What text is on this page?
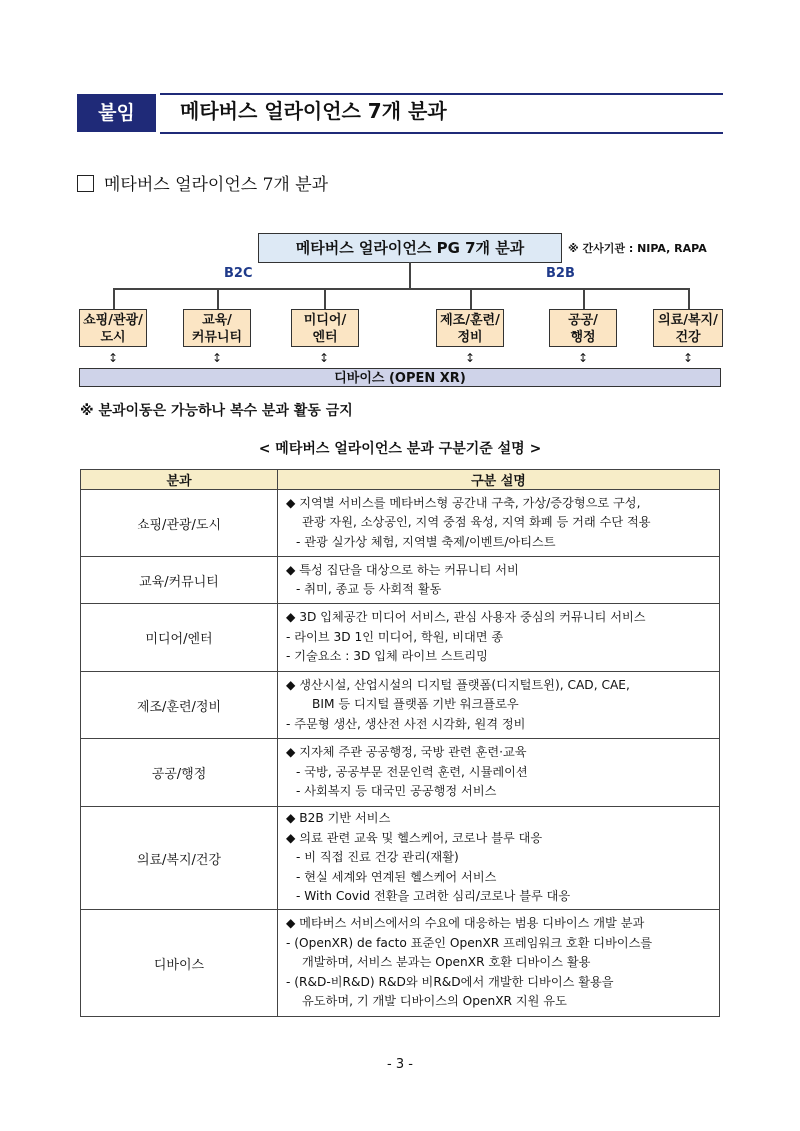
붙임	메타버스 얼라이언스 7개 분과
메타버스 얼라이언스 7개 분과
메타버스 얼라이언스 PG 7개 분과	※ 간사기관 : NIPA, RAPA
B2C	B2B
쇼핑/관광/
도시
교육/
커뮤니티
미디어/
엔터
제조/훈련/
정비
공공/
행정
의료/복지/
건강
↕	↕	↕	↕	↕	↕
디바이스 (OPEN XR)
※ 분과이동은 가능하나 복수 분과 활동 금지
< 메타버스 얼라이언스 분과 구분기준 설명 >
분과	구분 설명
쇼핑/관광/도시	◆ 지역별 서비스를 메타버스형 공간내 구축, 가상/증강형으로 구성,
관광 자원, 소상공인, 지역 중점 육성, 지역 화폐 등 거래 수단 적용
- 관광 실가상 체험, 지역별 축제/이벤트/아티스트

교육/커뮤니티	◆ 특성 집단을 대상으로 하는 커뮤니티 서비
- 취미, 종교 등 사회적 활동

미디어/엔터	◆ 3D 입체공간 미디어 서비스, 관심 사용자 중심의 커뮤니티 서비스
- 라이브 3D 1인 미디어, 학원, 비대면 종
- 기술요소 : 3D 입체 라이브 스트리밍

제조/훈련/정비	◆ 생산시설, 산업시설의 디지털 플랫폼(디지털트윈), CAD, CAE,
BIM 등 디지털 플랫폼 기반 워크플로우
- 주문형 생산, 생산전 사전 시각화, 원격 정비

공공/행정	◆ 지자체 주관 공공행정, 국방 관련 훈련·교육
- 국방, 공공부문 전문인력 훈련, 시뮬레이션
- 사회복지 등 대국민 공공행정 서비스

의료/복지/건강	◆ B2B 기반 서비스
◆ 의료 관련 교육 및 헬스케어, 코로나 블루 대응
- 비 직접 진료 건강 관리(재활)
- 현실 세계와 연계된 헬스케어 서비스
- With Covid 전환을 고려한 심리/코로나 블루 대응

디바이스	◆ 메타버스 서비스에서의 수요에 대응하는 범용 디바이스 개발 분과
- (OpenXR) de facto 표준인 OpenXR 프레임워크 호환 디바이스를
개발하며, 서비스 분과는 OpenXR 호환 디바이스 활용
- (R&D-비R&D) R&D와 비R&D에서 개발한 디바이스 활용을
유도하며, 기 개발 디바이스의 OpenXR 지원 유도
- 3 -
